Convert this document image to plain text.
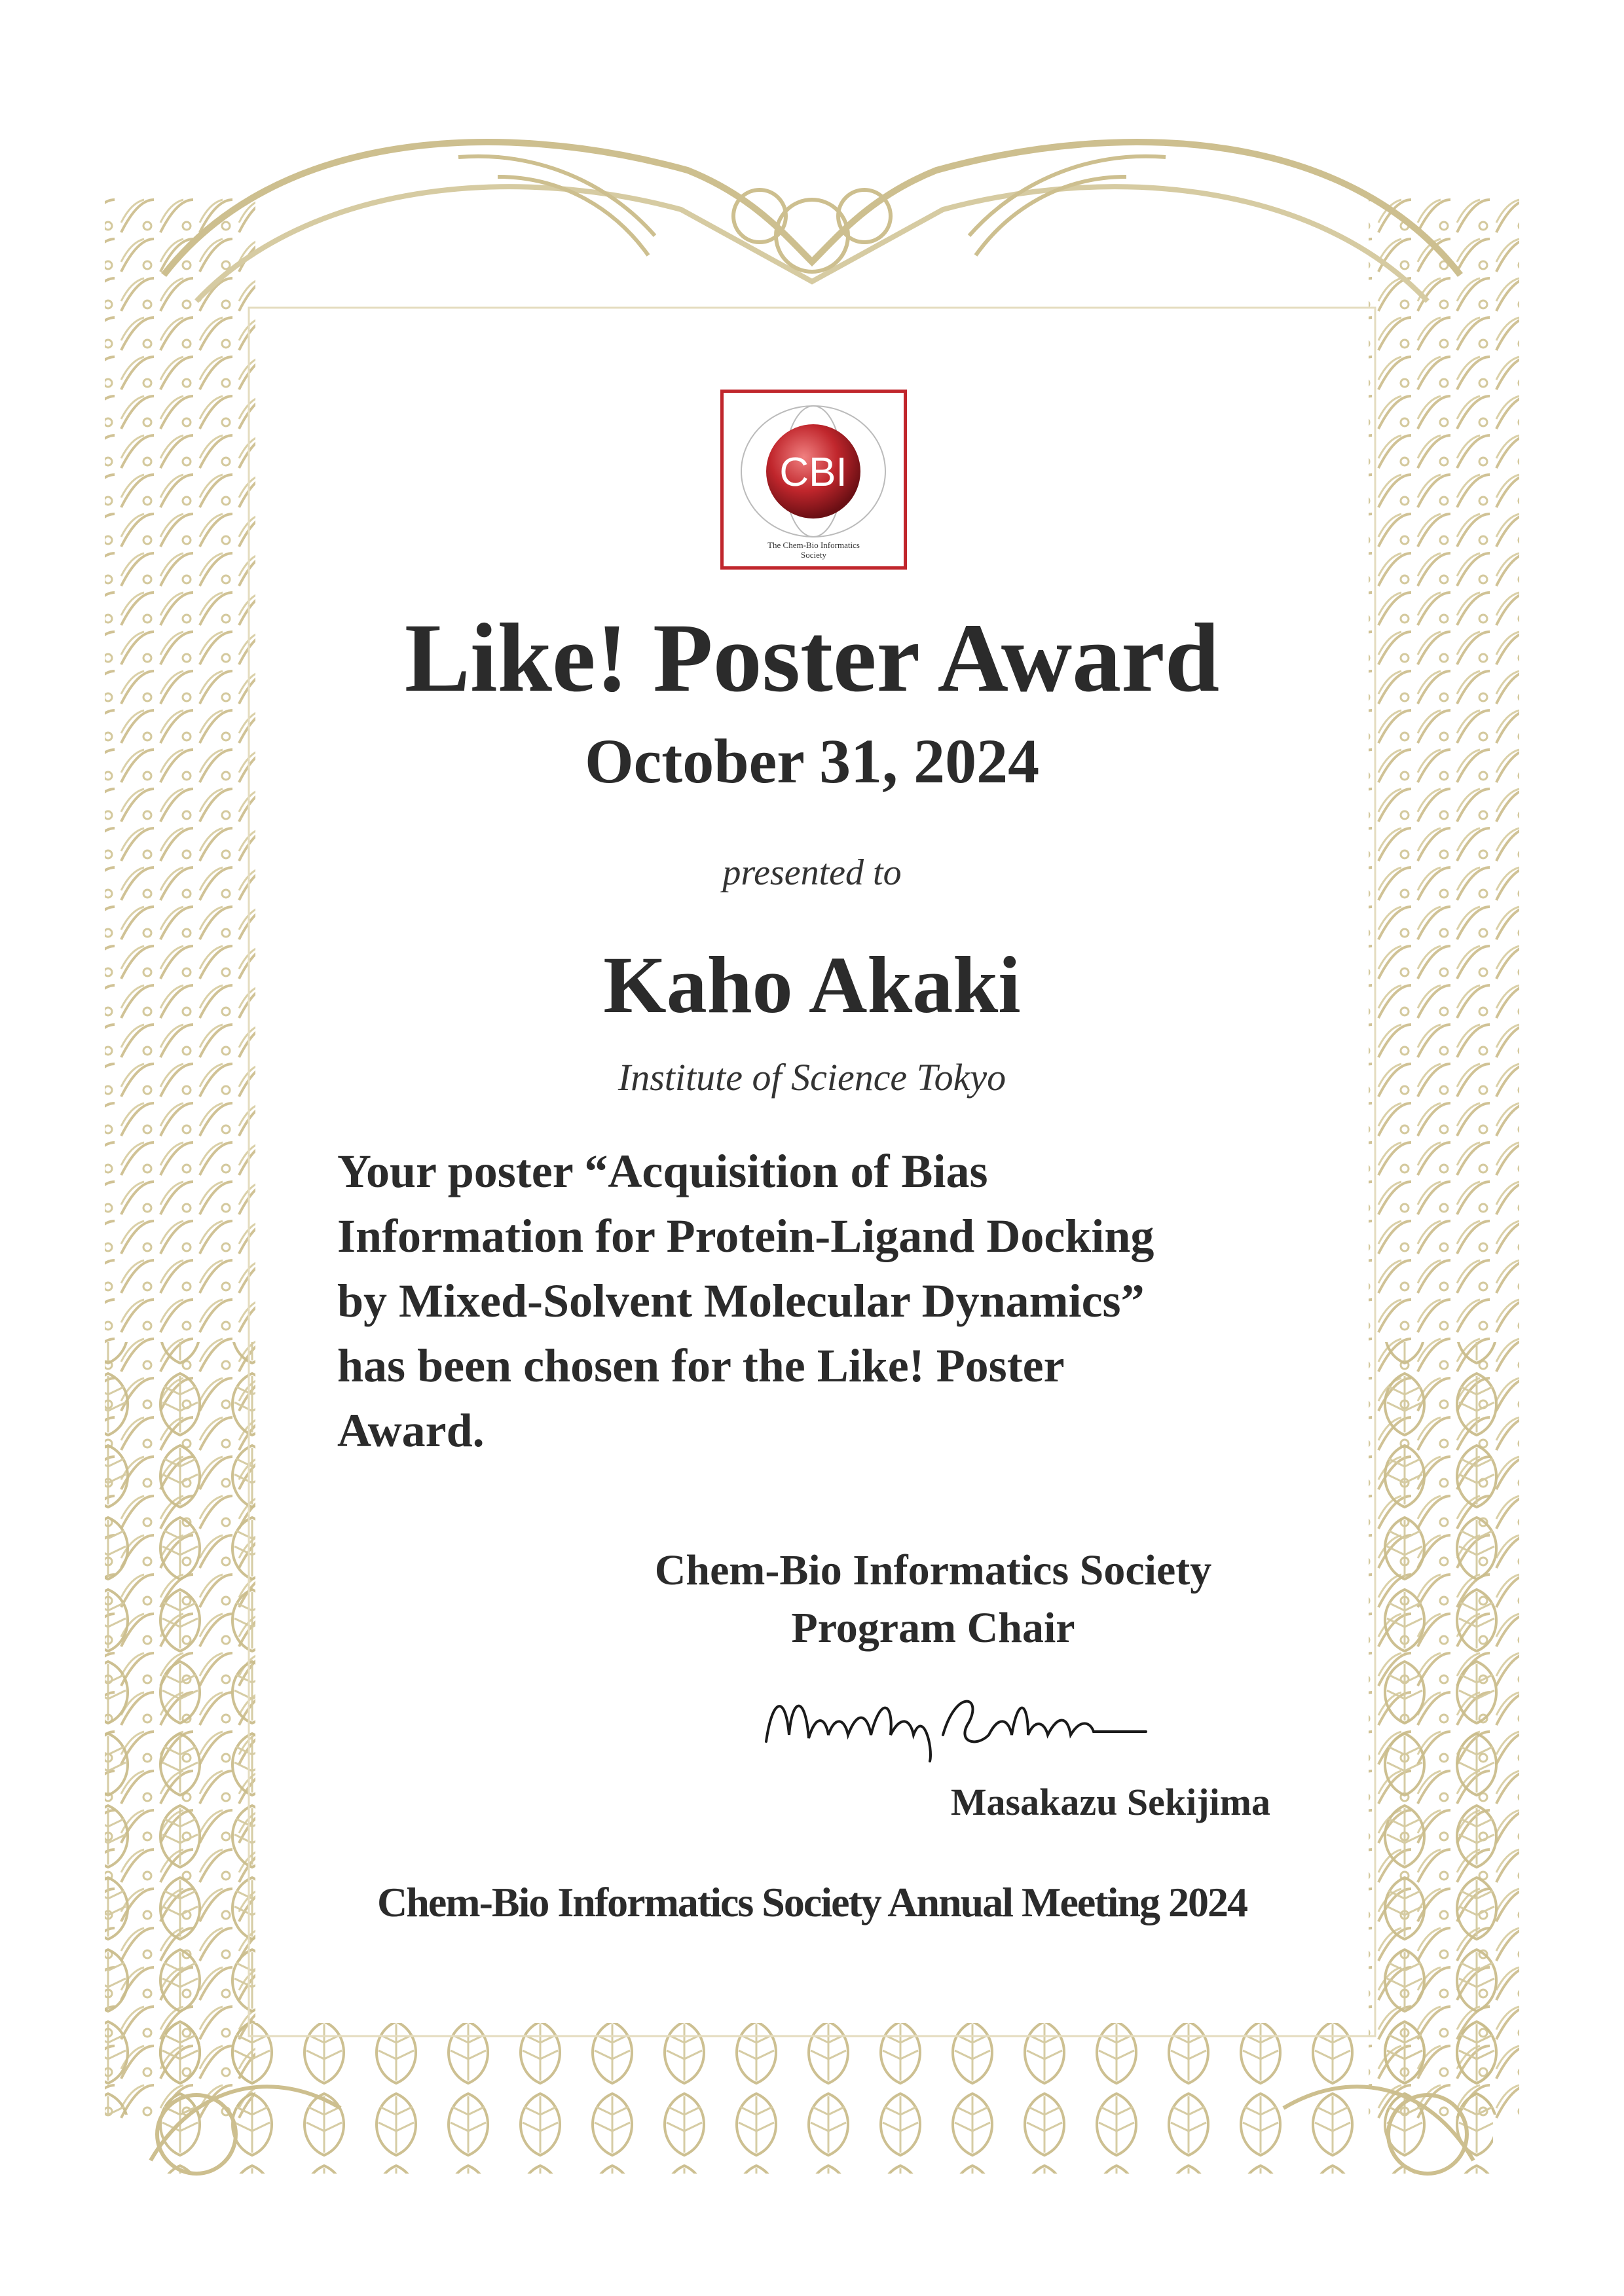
CBI
The Chem-Bio Informatics
Society
Like! Poster Award
October 31, 2024
presented to
Kaho Akaki
Institute of Science Tokyo
Your poster “Acquisition of Bias
Information for Protein-Ligand Docking
by Mixed-Solvent Molecular Dynamics”
has been chosen for the Like! Poster
Award.
Chem-Bio Informatics Society
Program Chair
Masakazu Sekijima
Chem-Bio Informatics Society Annual Meeting 2024
